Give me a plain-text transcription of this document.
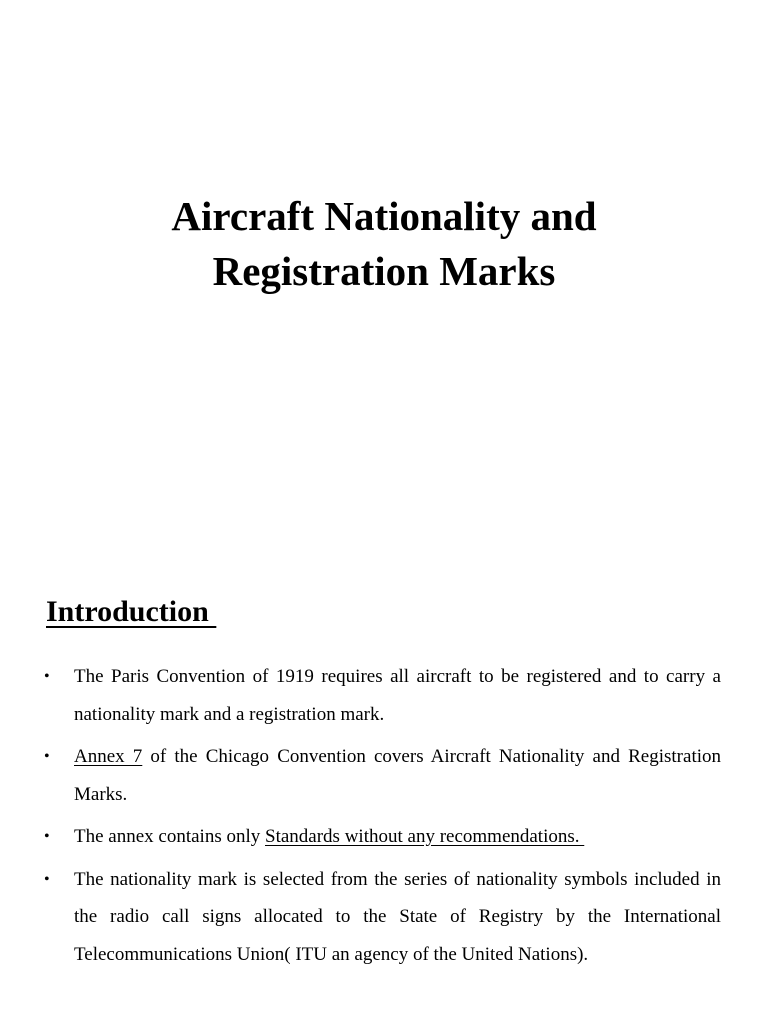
Aircraft Nationality and
Registration Marks
Introduction
• The Paris Convention of 1919 requires all aircraft to be registered and to carry a nationality mark and a registration mark.
• Annex 7 of the Chicago Convention covers Aircraft Nationality and Registration Marks.
• The annex contains only Standards without any recommendations.
• The nationality mark is selected from the series of nationality symbols included in the radio call signs allocated to the State of Registry by the International Telecommunications Union( ITU an agency of the United Nations).
